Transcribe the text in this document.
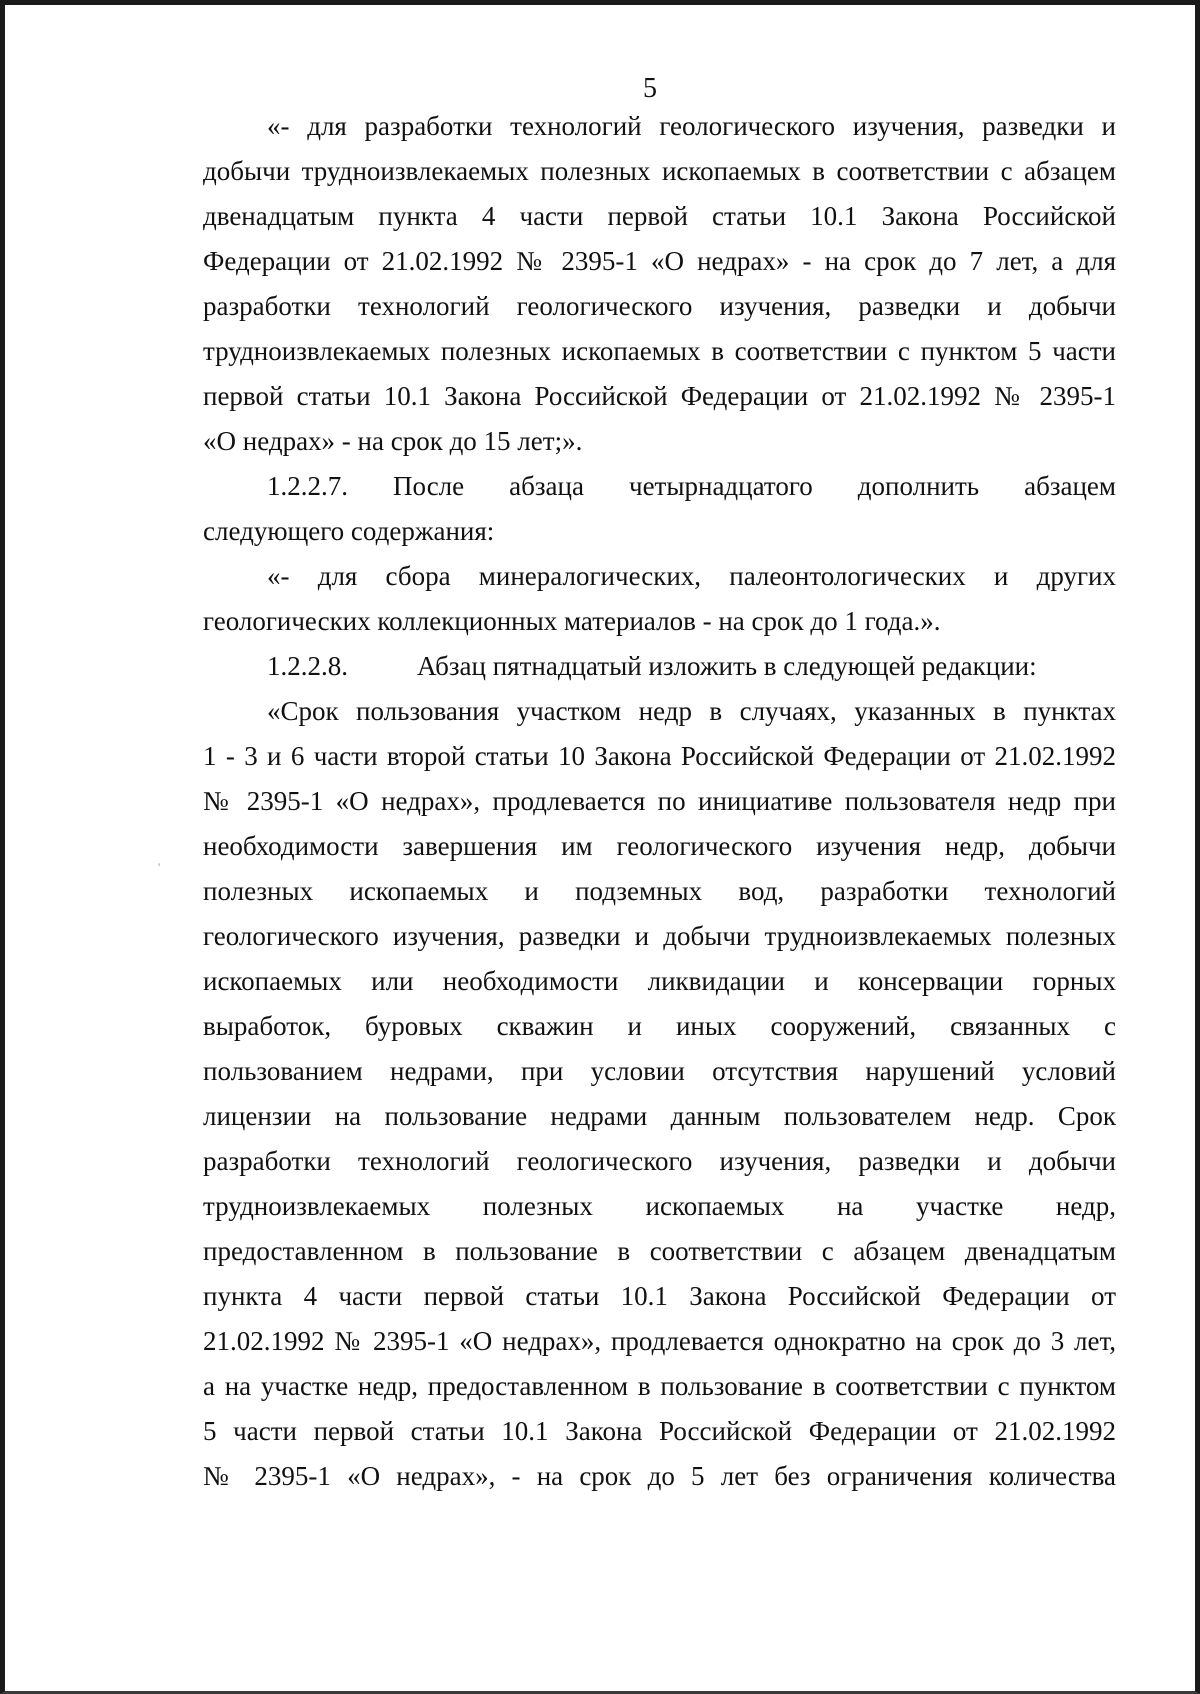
5
«- для разработки технологий геологического изучения, разведки и
добычи трудноизвлекаемых полезных ископаемых в соответствии с абзацем
двенадцатым пункта 4 части первой статьи 10.1 Закона Российской
Федерации от 21.02.1992 № 2395-1 «О недрах» - на срок до 7 лет, а для
разработки технологий геологического изучения, разведки и добычи
трудноизвлекаемых полезных ископаемых в соответствии с пунктом 5 части
первой статьи 10.1 Закона Российской Федерации от 21.02.1992 № 2395-1
«О недрах» - на срок до 15 лет;».
1.2.2.7. После абзаца четырнадцатого дополнить абзацем
следующего содержания:
«- для сбора минералогических, палеонтологических и других
геологических коллекционных материалов - на срок до 1 года.».
1.2.2.8.	Абзац пятнадцатый изложить в следующей редакции:
«Срок пользования участком недр в случаях, указанных в пунктах
1 - 3 и 6 части второй статьи 10 Закона Российской Федерации от 21.02.1992
№ 2395-1 «О недрах», продлевается по инициативе пользователя недр при
необходимости завершения им геологического изучения недр, добычи
полезных ископаемых и подземных вод, разработки технологий
геологического изучения, разведки и добычи трудноизвлекаемых полезных
ископаемых или необходимости ликвидации и консервации горных
выработок, буровых скважин и иных сооружений, связанных с
пользованием недрами, при условии отсутствия нарушений условий
лицензии на пользование недрами данным пользователем недр. Срок
разработки технологий геологического изучения, разведки и добычи
трудноизвлекаемых полезных ископаемых на участке недр,
предоставленном в пользование в соответствии с абзацем двенадцатым
пункта 4 части первой статьи 10.1 Закона Российской Федерации от
21.02.1992 № 2395-1 «О недрах», продлевается однократно на срок до 3 лет,
а на участке недр, предоставленном в пользование в соответствии с пунктом
5 части первой статьи 10.1 Закона Российской Федерации от 21.02.1992
№ 2395-1 «О недрах», - на срок до 5 лет без ограничения количества
'
